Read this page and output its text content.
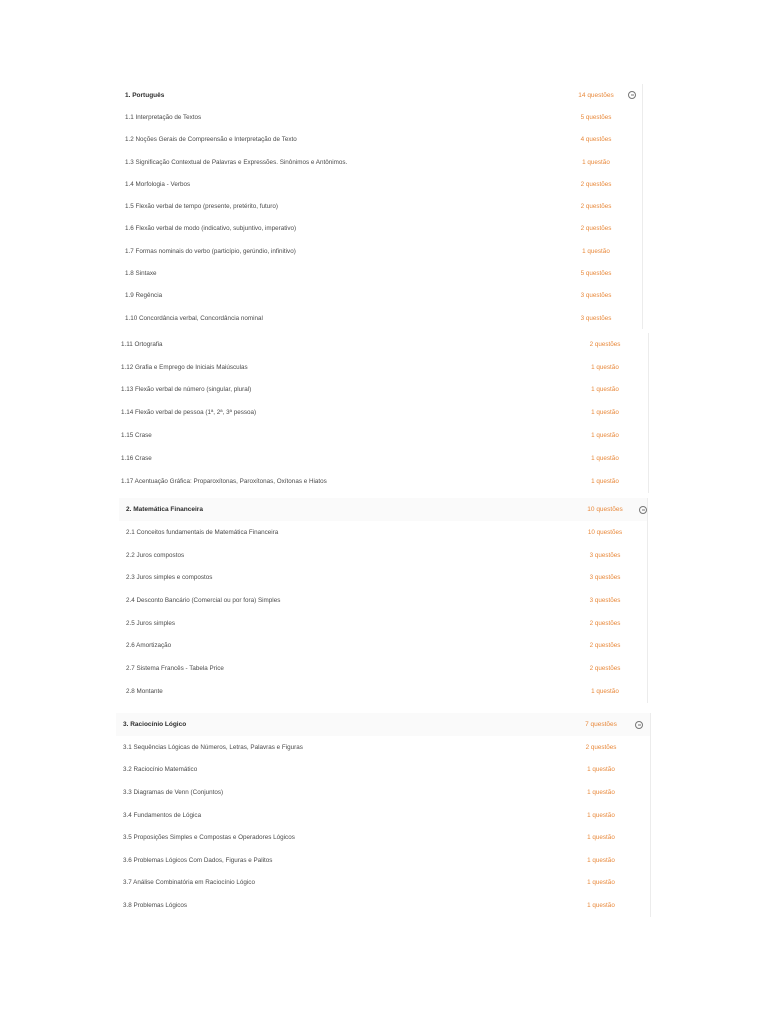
1. Português	14 questões
1.1 Interpretação de Textos	5 questões
1.2 Noções Gerais de Compreensão e Interpretação de Texto	4 questões
1.3 Significação Contextual de Palavras e Expressões. Sinônimos e Antônimos.	1 questão
1.4 Morfologia - Verbos	2 questões
1.5 Flexão verbal de tempo (presente, pretérito, futuro)	2 questões
1.6 Flexão verbal de modo (indicativo, subjuntivo, imperativo)	2 questões
1.7 Formas nominais do verbo (particípio, gerúndio, infinitivo)	1 questão
1.8 Sintaxe	5 questões
1.9 Regência	3 questões
1.10 Concordância verbal, Concordância nominal	3 questões
1.11 Ortografia	2 questões
1.12 Grafia e Emprego de Iniciais Maiúsculas	1 questão
1.13 Flexão verbal de número (singular, plural)	1 questão
1.14 Flexão verbal de pessoa (1ª, 2ª, 3ª pessoa)	1 questão
1.15 Crase	1 questão
1.16 Crase	1 questão
1.17 Acentuação Gráfica: Proparoxítonas, Paroxítonas, Oxítonas e Hiatos	1 questão
2. Matemática Financeira	10 questões
2.1 Conceitos fundamentais de Matemática Financeira	10 questões
2.2 Juros compostos	3 questões
2.3 Juros simples e compostos	3 questões
2.4 Desconto Bancário (Comercial ou por fora) Simples	3 questões
2.5 Juros simples	2 questões
2.6 Amortização	2 questões
2.7 Sistema Francês - Tabela Price	2 questões
2.8 Montante	1 questão
3. Raciocínio Lógico	7 questões
3.1 Sequências Lógicas de Números, Letras, Palavras e Figuras	2 questões
3.2 Raciocínio Matemático	1 questão
3.3 Diagramas de Venn (Conjuntos)	1 questão
3.4 Fundamentos de Lógica	1 questão
3.5 Proposições Simples e Compostas e Operadores Lógicos	1 questão
3.6 Problemas Lógicos Com Dados, Figuras e Palitos	1 questão
3.7 Análise Combinatória em Raciocínio Lógico	1 questão
3.8 Problemas Lógicos	1 questão
